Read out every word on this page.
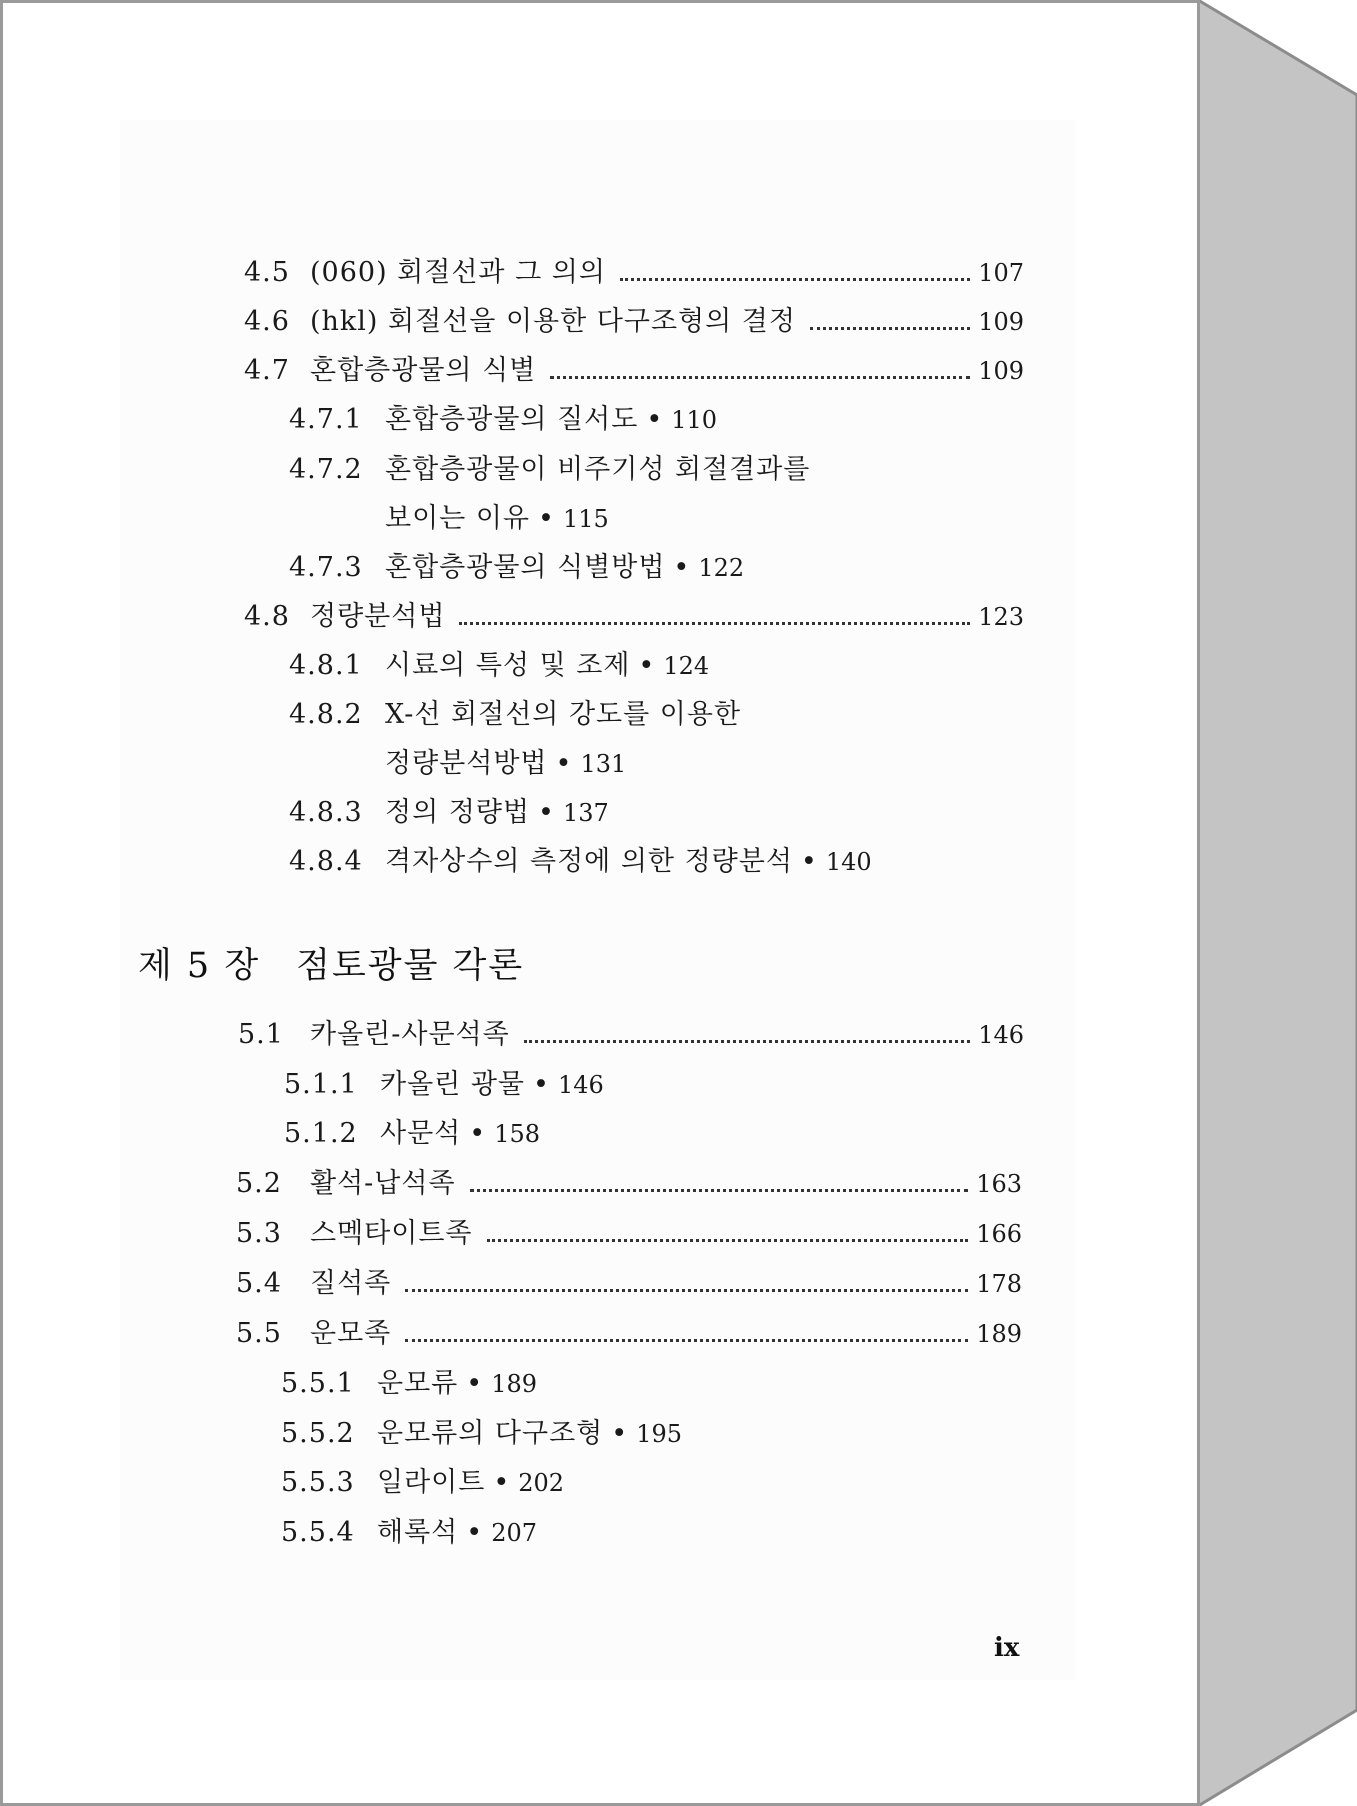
4.5 (060) 회절선과 그 의의	107
4.6 (hkl) 회절선을 이용한 다구조형의 결정	109
4.7 혼합층광물의 식별	109
4.7.1 혼합층광물의 질서도 • 110
4.7.2 혼합층광물이 비주기성 회절결과를
보이는 이유 • 115
4.7.3 혼합층광물의 식별방법 • 122
4.8 정량분석법	123
4.8.1 시료의 특성 및 조제 • 124
4.8.2 X-선 회절선의 강도를 이용한
정량분석방법 • 131
4.8.3 정의 정량법 • 137
4.8.4 격자상수의 측정에 의한 정량분석 • 140
제 5 장 점토광물 각론
5.1 카올린-사문석족	146
5.1.1 카올린 광물 • 146
5.1.2 사문석 • 158
5.2	활석-납석족	163
5.3	스멕타이트족	166
5.4	질석족	178
5.5	운모족	189
5.5.1 운모류 • 189
5.5.2 운모류의 다구조형 • 195
5.5.3 일라이트 • 202
5.5.4 해록석 • 207
ix
